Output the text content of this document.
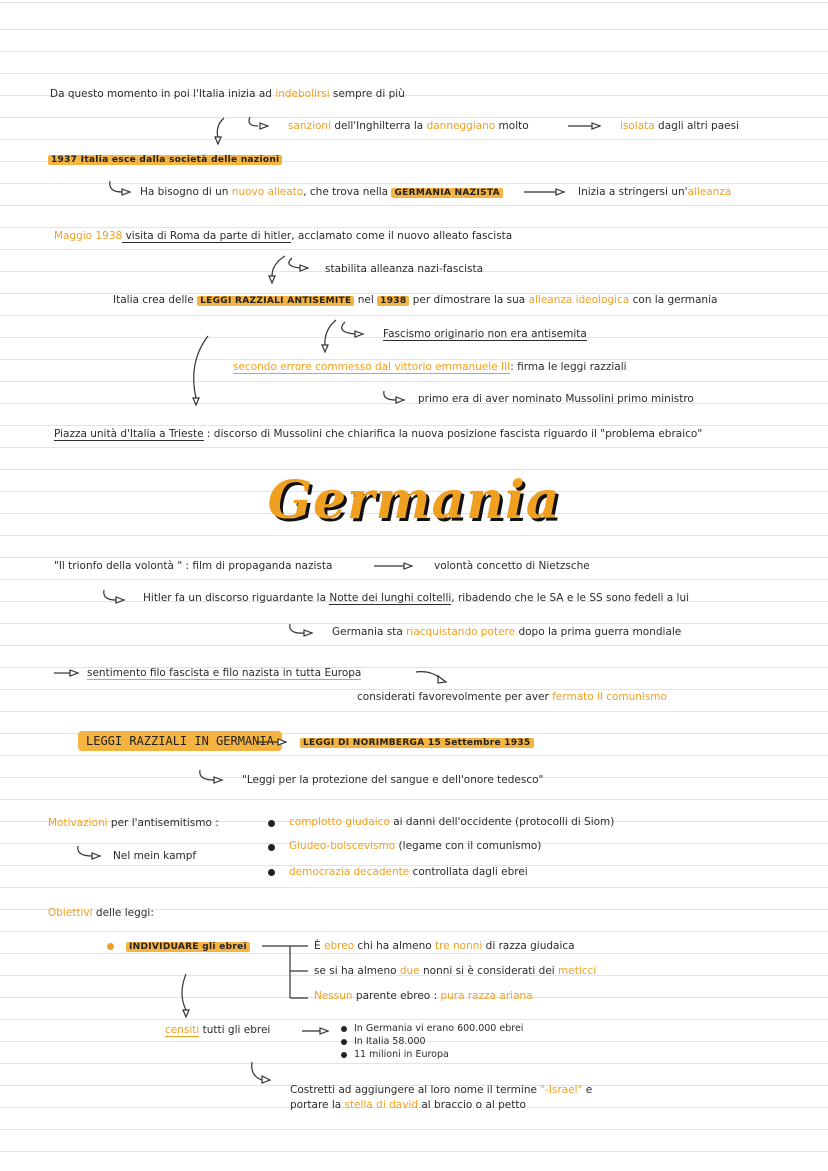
Da questo momento in poi l'Italia inizia ad indebolirsi sempre di più
sanzioni dell'Inghilterra la danneggiano molto	isolata dagli altri paesi
1937 Italia esce dalla società delle nazioni
Ha bisogno di un nuovo alleato, che trova nella GERMANIA NAZISTA	Inizia a stringersi un'alleanza
Maggio 1938 visita di Roma da parte di hitler, acclamato come il nuovo alleato fascista
stabilita alleanza nazi-fascista
Italia crea delle LEGGI RAZZIALI ANTISEMITE nel 1938 per dimostrare la sua alleanza ideologica con la germania
Fascismo originario non era antisemita
secondo errore commesso dal vittorio emmanuele III: firma le leggi razziali
primo era di aver nominato Mussolini primo ministro
Piazza unità d'Italia a Trieste : discorso di Mussolini che chiarifica la nuova posizione fascista riguardo il "problema ebraico"
Germania
"Il trionfo della volontà " : film di propaganda nazista	volontà concetto di Nietzsche
Hitler fa un discorso riguardante la Notte dei lunghi coltelli, ribadendo che le SA e le SS sono fedeli a lui
Germania sta riacquistando potere dopo la prima guerra mondiale
sentimento filo fascista e filo nazista in tutta Europa
considerati favorevolmente per aver fermato il comunismo
LEGGI RAZZIALI IN GERMANIA	LEGGI DI NORIMBERGA 15 Settembre 1935
"Leggi per la protezione del sangue e dell'onore tedesco"
Motivazioni per l'antisemitismo :
Nel mein kampf
complotto giudaico ai danni dell'occidente (protocolli di Siom)
Giudeo-bolscevismo (legame con il comunismo)
democrazia decadente controllata dagli ebrei
Obiettivi delle leggi:
INDIVIDUARE gli ebrei	È ebreo chi ha almeno tre nonni di razza giudaica
se si ha almeno due nonni si è considerati dei meticci
Nessun parente ebreo : pura razza ariana
censiti tutti gli ebrei	In Germania vi erano 600.000 ebrei
In Italia 58.000
11 milioni in Europa
Costretti ad aggiungere al loro nome il termine "-Israel" e
portare la stella di david al braccio o al petto
